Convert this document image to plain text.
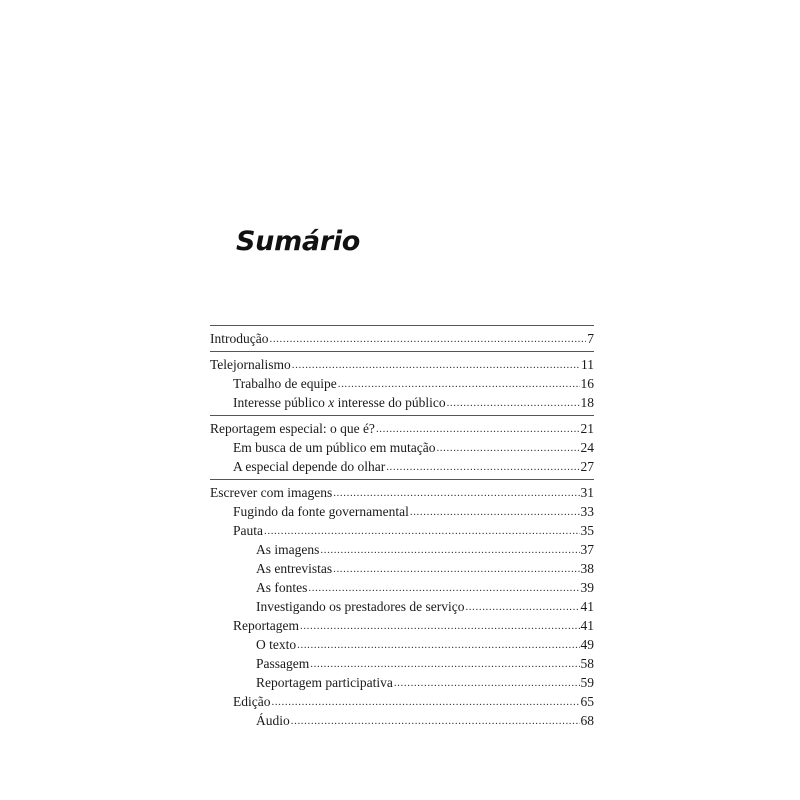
Sumário
Introdução .....	7
Telejornalismo .....	11
Trabalho de equipe .....	16
Interesse público x interesse do público .....	18
Reportagem especial: o que é? .....	21
Em busca de um público em mutação .....	24
A especial depende do olhar .....	27
Escrever com imagens .....	31
Fugindo da fonte governamental .....	33
Pauta .....	35
As imagens .....	37
As entrevistas .....	38
As fontes .....	39
Investigando os prestadores de serviço .....	41
Reportagem .....	41
O texto .....	49
Passagem .....	58
Reportagem participativa .....	59
Edição .....	65
Áudio .....	68
